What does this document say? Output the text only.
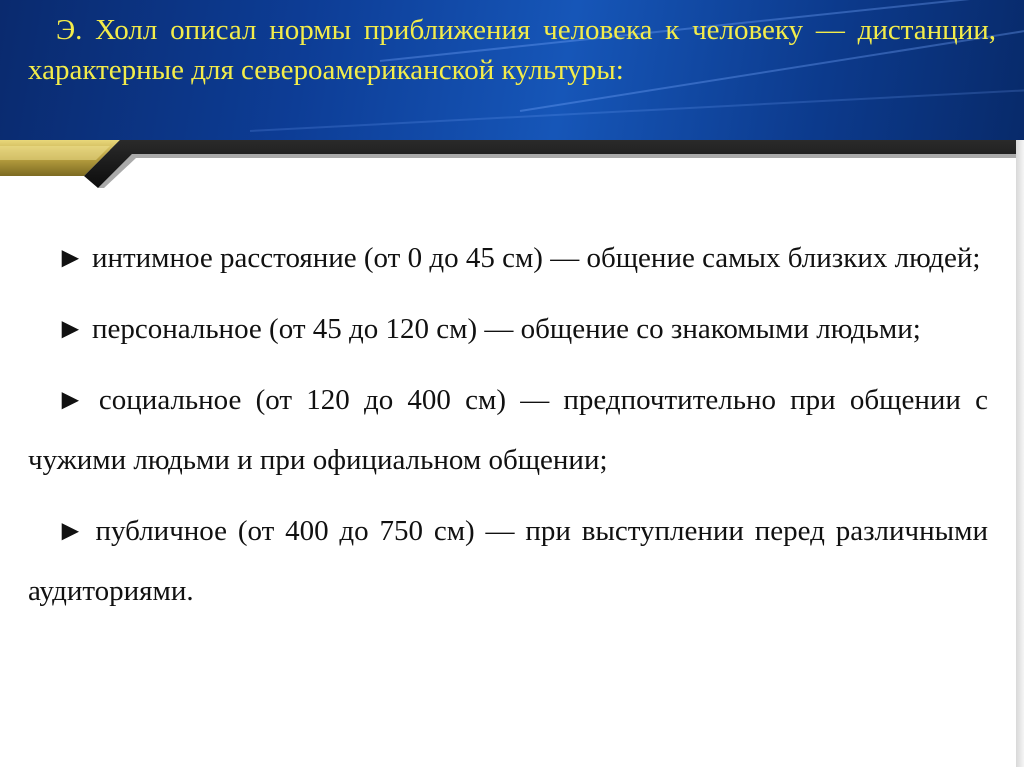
Э. Холл описал нормы приближения человека к человеку — дистанции, характерные для североамериканской культуры:

► интимное расстояние (от 0 до 45 см) — общение самых близких людей;
► персональное (от 45 до 120 см) — общение со знакомыми людьми;
► социальное (от 120 до 400 см) — предпочтительно при общении с чужими людьми и при официальном общении;
► публичное (от 400 до 750 см) — при выступлении перед различными аудиториями.
